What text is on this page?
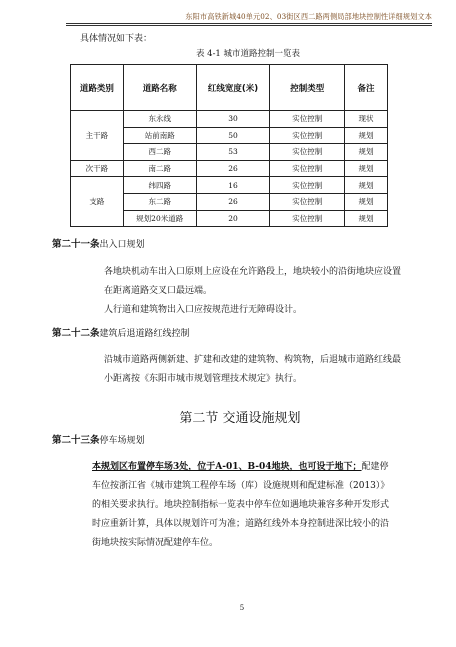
东阳市高铁新城40单元02、03街区西二路两侧局部地块控制性详细规划文本
具体情况如下表：
表 4-1 城市道路控制一览表
道路类别	道路名称	红线宽度(米)	控制类型	备注
主干路	东永线	30	实位控制	现状
	站前南路	50	实位控制	规划
	西二路	53	实位控制	规划
次干路	南二路	26	实位控制	规划
支路	纬四路	16	实位控制	规划
	东二路	26	实位控制	规划
	规划20米道路	20	实位控制	规划
第二十一条出入口规划
各地块机动车出入口原则上应设在允许路段上，地块较小的沿街地块应设置
在距离道路交叉口最远端。
人行道和建筑物出入口应按规范进行无障碍设计。
第二十二条建筑后退道路红线控制
沿城市道路两侧新建、扩建和改建的建筑物、构筑物，后退城市道路红线最
小距离按《东阳市城市规划管理技术规定》执行。
第二节 交通设施规划
第二十三条停车场规划
本规划区布置停车场3处，位于A-01、B-04地块，也可设于地下；配建停
车位按浙江省《城市建筑工程停车场（库）设施规则和配建标准（2013）》
的相关要求执行。地块控制指标一览表中停车位如遇地块兼容多种开发形式
时应重新计算，具体以规划许可为准；道路红线外本身控制进深比较小的沿
街地块按实际情况配建停车位。
5
